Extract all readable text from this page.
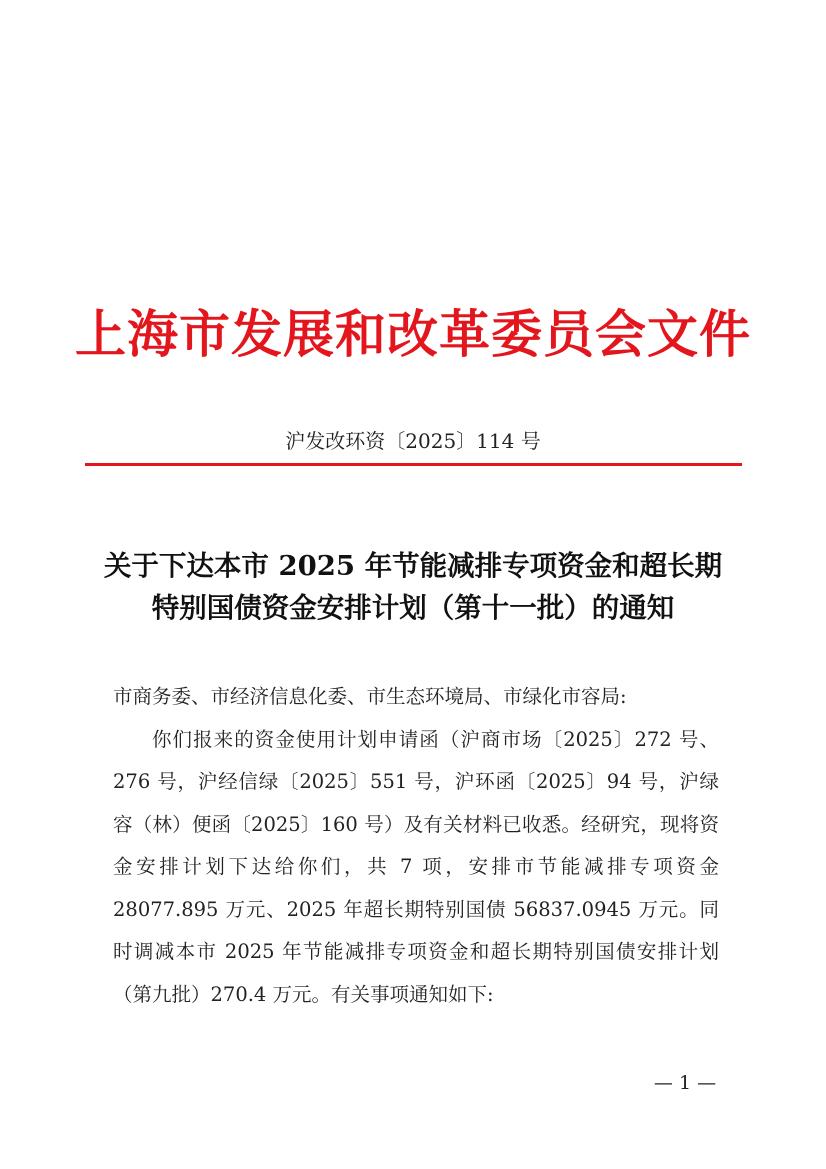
上海市发展和改革委员会文件
沪发改环资〔2025〕114 号
关于下达本市 2025 年节能减排专项资金和超长期
特别国债资金安排计划（第十一批）的通知
市商务委、市经济信息化委、市生态环境局、市绿化市容局:
你们报来的资金使用计划申请函（沪商市场〔2025〕272 号、276 号，沪经信绿〔2025〕551 号，沪环函〔2025〕94 号，沪绿容（林）便函〔2025〕160 号）及有关材料已收悉。经研究，现将资金安排计划下达给你们，共 7 项，安排市节能减排专项资金 28077.895 万元、2025 年超长期特别国债 56837.0945 万元。同时调减本市 2025 年节能减排专项资金和超长期特别国债安排计划（第九批）270.4 万元。有关事项通知如下:
— 1 —
